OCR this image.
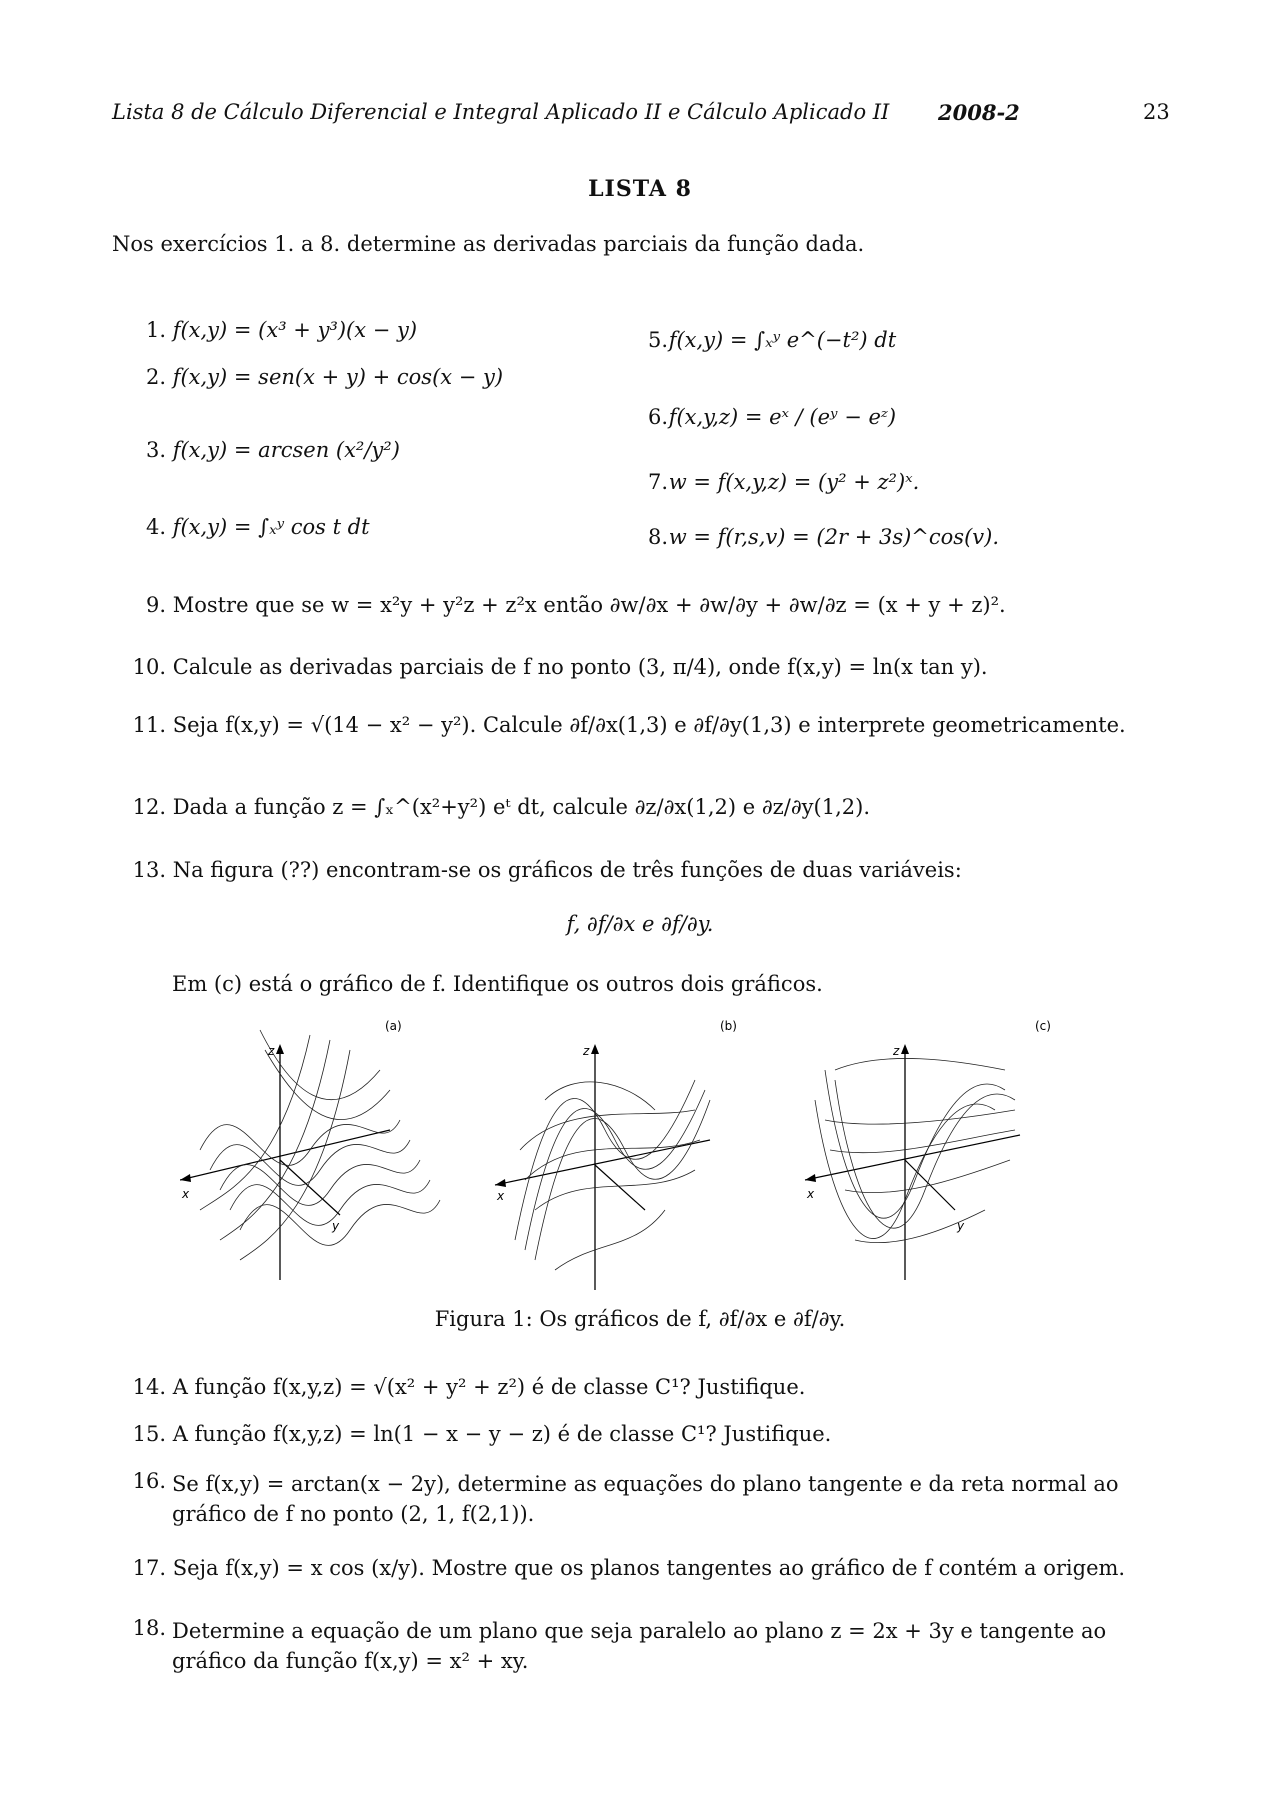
Lista 8 de Cálculo Diferencial e Integral Aplicado II e Cálculo Aplicado II 2008-2	23
LISTA 8
Nos exercícios 1. a 8. determine as derivadas parciais da função dada.
1. f(x,y) = (x³ + y³)(x − y)
2. f(x,y) = sen(x + y) + cos(x − y)
3. f(x,y) = arcsen (x²/y²)
4. f(x,y) = ∫ₓʸ cos t dt
5. f(x,y) = ∫ₓʸ e^(−t²) dt
6. f(x,y,z) = eˣ / (eʸ − eᶻ)
7. w = f(x,y,z) = (y² + z²)ˣ.
8. w = f(r,s,v) = (2r + 3s)^cos(v).
9. Mostre que se w = x²y + y²z + z²x então ∂w/∂x + ∂w/∂y + ∂w/∂z = (x + y + z)².
10. Calcule as derivadas parciais de f no ponto (3, π/4), onde f(x,y) = ln(x tan y).
11. Seja f(x,y) = √(14 − x² − y²). Calcule ∂f/∂x(1,3) e ∂f/∂y(1,3) e interprete geometricamente.
12. Dada a função z = ∫ₓ^(x²+y²) eᵗ dt, calcule ∂z/∂x(1,2) e ∂z/∂y(1,2).
13. Na figura (??) encontram-se os gráficos de três funções de duas variáveis:
f, ∂f/∂x e ∂f/∂y.
Em (c) está o gráfico de f. Identifique os outros dois gráficos.
(a)
z
x
y
(b)
z
x
(c)
z
x
y
Figura 1: Os gráficos de f, ∂f/∂x e ∂f/∂y.
14. A função f(x,y,z) = √(x² + y² + z²) é de classe C¹? Justifique.
15. A função f(x,y,z) = ln(1 − x − y − z) é de classe C¹? Justifique.
16. Se f(x,y) = arctan(x − 2y), determine as equações do plano tangente e da reta normal ao gráfico de f no ponto (2, 1, f(2,1)).
17. Seja f(x,y) = x cos (x/y). Mostre que os planos tangentes ao gráfico de f contém a origem.
18. Determine a equação de um plano que seja paralelo ao plano z = 2x + 3y e tangente ao gráfico da função f(x,y) = x² + xy.
